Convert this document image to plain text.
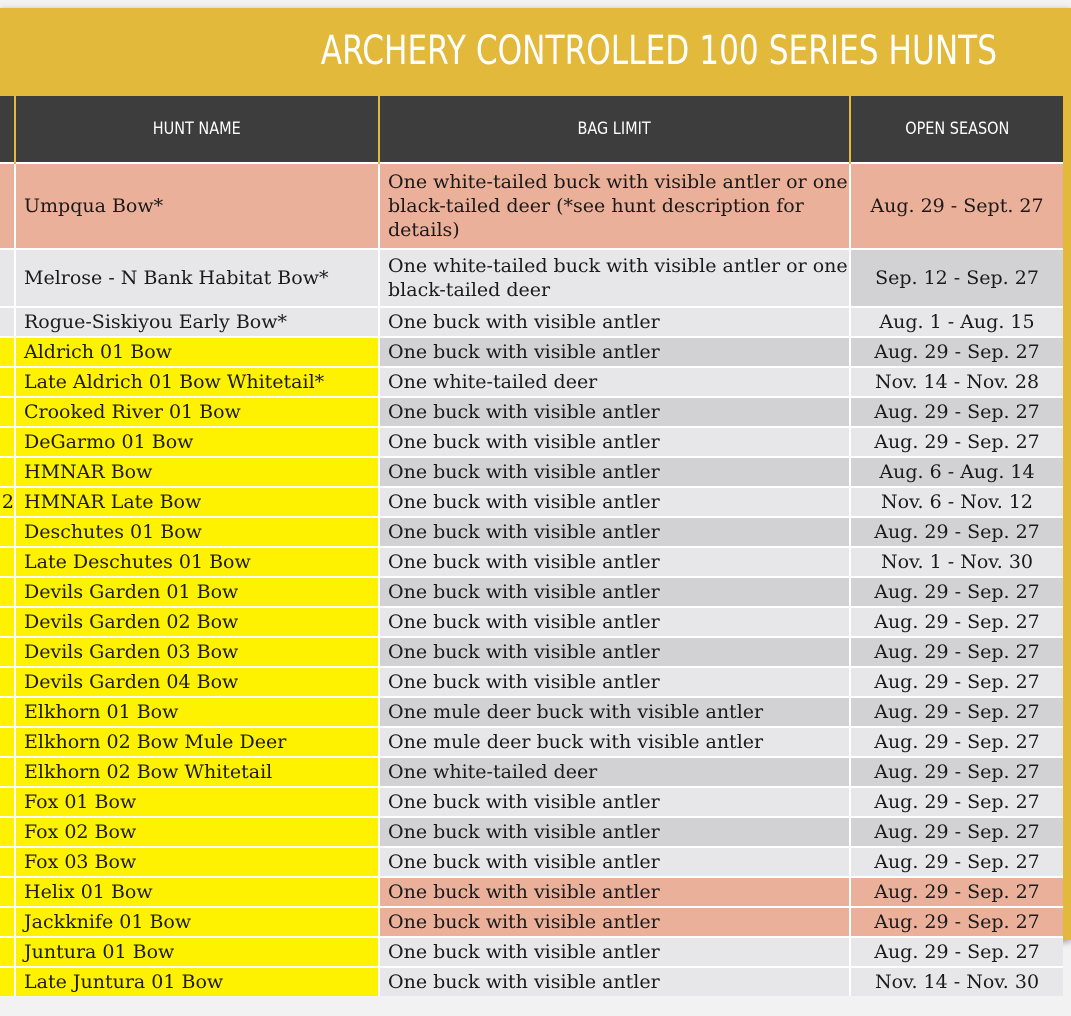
ARCHERY CONTROLLED 100 SERIES HUNTS
	HUNT NAME	BAG LIMIT	OPEN SEASON
	Umpqua Bow*	One white-tailed buck with visible antler or one black-tailed deer (*see hunt description for details)	Aug. 29 - Sept. 27
	Melrose - N Bank Habitat Bow*	One white-tailed buck with visible antler or one black-tailed deer	Sep. 12 - Sep. 27
	Rogue-Siskiyou Early Bow*	One buck with visible antler	Aug. 1 - Aug. 15
	Aldrich 01 Bow	One buck with visible antler	Aug. 29 - Sep. 27
	Late Aldrich 01 Bow Whitetail*	One white-tailed deer	Nov. 14 - Nov. 28
	Crooked River 01 Bow	One buck with visible antler	Aug. 29 - Sep. 27
	DeGarmo 01 Bow	One buck with visible antler	Aug. 29 - Sep. 27
	HMNAR Bow	One buck with visible antler	Aug. 6 - Aug. 14
2	HMNAR Late Bow	One buck with visible antler	Nov. 6 - Nov. 12
	Deschutes 01 Bow	One buck with visible antler	Aug. 29 - Sep. 27
	Late Deschutes 01 Bow	One buck with visible antler	Nov. 1 - Nov. 30
	Devils Garden 01 Bow	One buck with visible antler	Aug. 29 - Sep. 27
	Devils Garden 02 Bow	One buck with visible antler	Aug. 29 - Sep. 27
	Devils Garden 03 Bow	One buck with visible antler	Aug. 29 - Sep. 27
	Devils Garden 04 Bow	One buck with visible antler	Aug. 29 - Sep. 27
	Elkhorn 01 Bow	One mule deer buck with visible antler	Aug. 29 - Sep. 27
	Elkhorn 02 Bow Mule Deer	One mule deer buck with visible antler	Aug. 29 - Sep. 27
	Elkhorn 02 Bow Whitetail	One white-tailed deer	Aug. 29 - Sep. 27
	Fox 01 Bow	One buck with visible antler	Aug. 29 - Sep. 27
	Fox 02 Bow	One buck with visible antler	Aug. 29 - Sep. 27
	Fox 03 Bow	One buck with visible antler	Aug. 29 - Sep. 27
	Helix 01 Bow	One buck with visible antler	Aug. 29 - Sep. 27
	Jackknife 01 Bow	One buck with visible antler	Aug. 29 - Sep. 27
	Juntura 01 Bow	One buck with visible antler	Aug. 29 - Sep. 27
	Late Juntura 01 Bow	One buck with visible antler	Nov. 14 - Nov. 30
